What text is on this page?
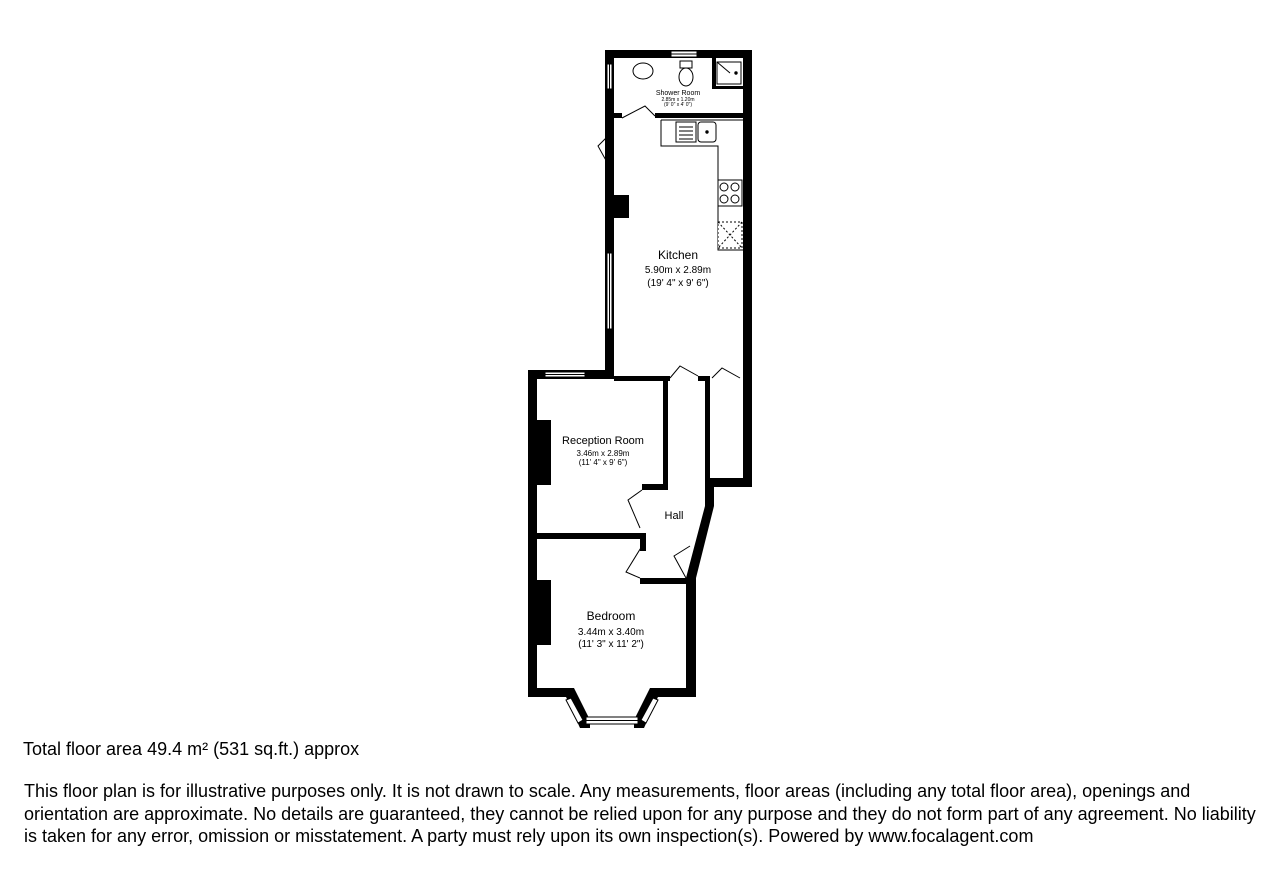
Shower Room
2.85m x 1.20m
(9' 0" x 4' 0")
Kitchen
5.90m x 2.89m
(19' 4" x 9' 6")
Reception Room
3.46m x 2.89m
(11' 4" x 9' 6")
Hall
Bedroom
3.44m x 3.40m
(11' 3" x 11' 2")

Total floor area 49.4 m² (531 sq.ft.) approx

This floor plan is for illustrative purposes only. It is not drawn to scale. Any measurements, floor areas (including any total floor area), openings and orientation are approximate. No details are guaranteed, they cannot be relied upon for any purpose and they do not form part of any agreement. No liability is taken for any error, omission or misstatement. A party must rely upon its own inspection(s). Powered by www.focalagent.com
